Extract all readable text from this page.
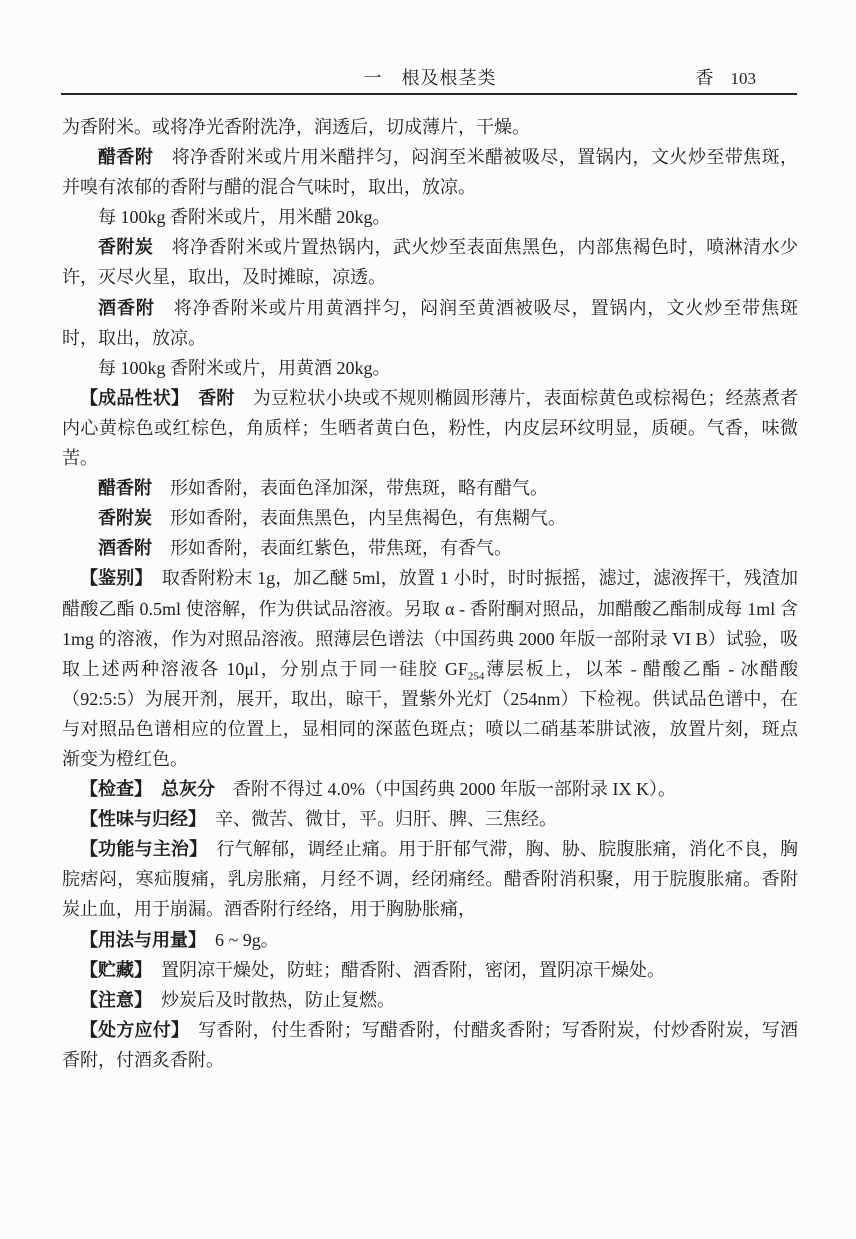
一　根及根茎类	香 103

为香附米。或将净光香附洗净，润透后，切成薄片，干燥。

醋香附　将净香附米或片用米醋拌匀，闷润至米醋被吸尽，置锅内，文火炒至带焦斑，并嗅有浓郁的香附与醋的混合气味时，取出，放凉。

每 100kg 香附米或片，用米醋 20kg。

香附炭　将净香附米或片置热锅内，武火炒至表面焦黑色，内部焦褐色时，喷淋清水少许，灭尽火星，取出，及时摊晾，凉透。

酒香附　将净香附米或片用黄酒拌匀，闷润至黄酒被吸尽，置锅内，文火炒至带焦斑时，取出，放凉。

每 100kg 香附米或片，用黄酒 20kg。

【成品性状】　香附　为豆粒状小块或不规则椭圆形薄片，表面棕黄色或棕褐色；经蒸煮者内心黄棕色或红棕色，角质样；生晒者黄白色，粉性，内皮层环纹明显，质硬。气香，味微苦。

醋香附　形如香附，表面色泽加深，带焦斑，略有醋气。

香附炭　形如香附，表面焦黑色，内呈焦褐色，有焦糊气。

酒香附　形如香附，表面红紫色，带焦斑，有香气。

【鉴别】　取香附粉末 1g，加乙醚 5ml，放置 1 小时，时时振摇，滤过，滤液挥干，残渣加醋酸乙酯 0.5ml 使溶解，作为供试品溶液。另取 α - 香附酮对照品，加醋酸乙酯制成每 1ml 含 1mg 的溶液，作为对照品溶液。照薄层色谱法（中国药典 2000 年版一部附录 VI B）试验，吸取上述两种溶液各 10μl，分别点于同一硅胶 $GF_{254}$薄层板上，以苯 - 醋酸乙酯 - 冰醋酸（92:5:5）为展开剂，展开，取出，晾干，置紫外光灯（254nm）下检视。供试品色谱中，在与对照品色谱相应的位置上，显相同的深蓝色斑点；喷以二硝基苯肼试液，放置片刻，斑点渐变为橙红色。

【检查】　总灰分　香附不得过 4.0%（中国药典 2000 年版一部附录 IX K）。

【性味与归经】　辛、微苦、微甘，平。归肝、脾、三焦经。

【功能与主治】　行气解郁，调经止痛。用于肝郁气滞，胸、胁、脘腹胀痛，消化不良，胸脘痞闷，寒疝腹痛，乳房胀痛，月经不调，经闭痛经。醋香附消积聚，用于脘腹胀痛。香附炭止血，用于崩漏。酒香附行经络，用于胸胁胀痛，

【用法与用量】　6 ~ 9g。

【贮藏】　置阴凉干燥处，防蛀；醋香附、酒香附，密闭，置阴凉干燥处。

【注意】　炒炭后及时散热，防止复燃。

【处方应付】　写香附，付生香附；写醋香附，付醋炙香附；写香附炭，付炒香附炭，写酒香附，付酒炙香附。
